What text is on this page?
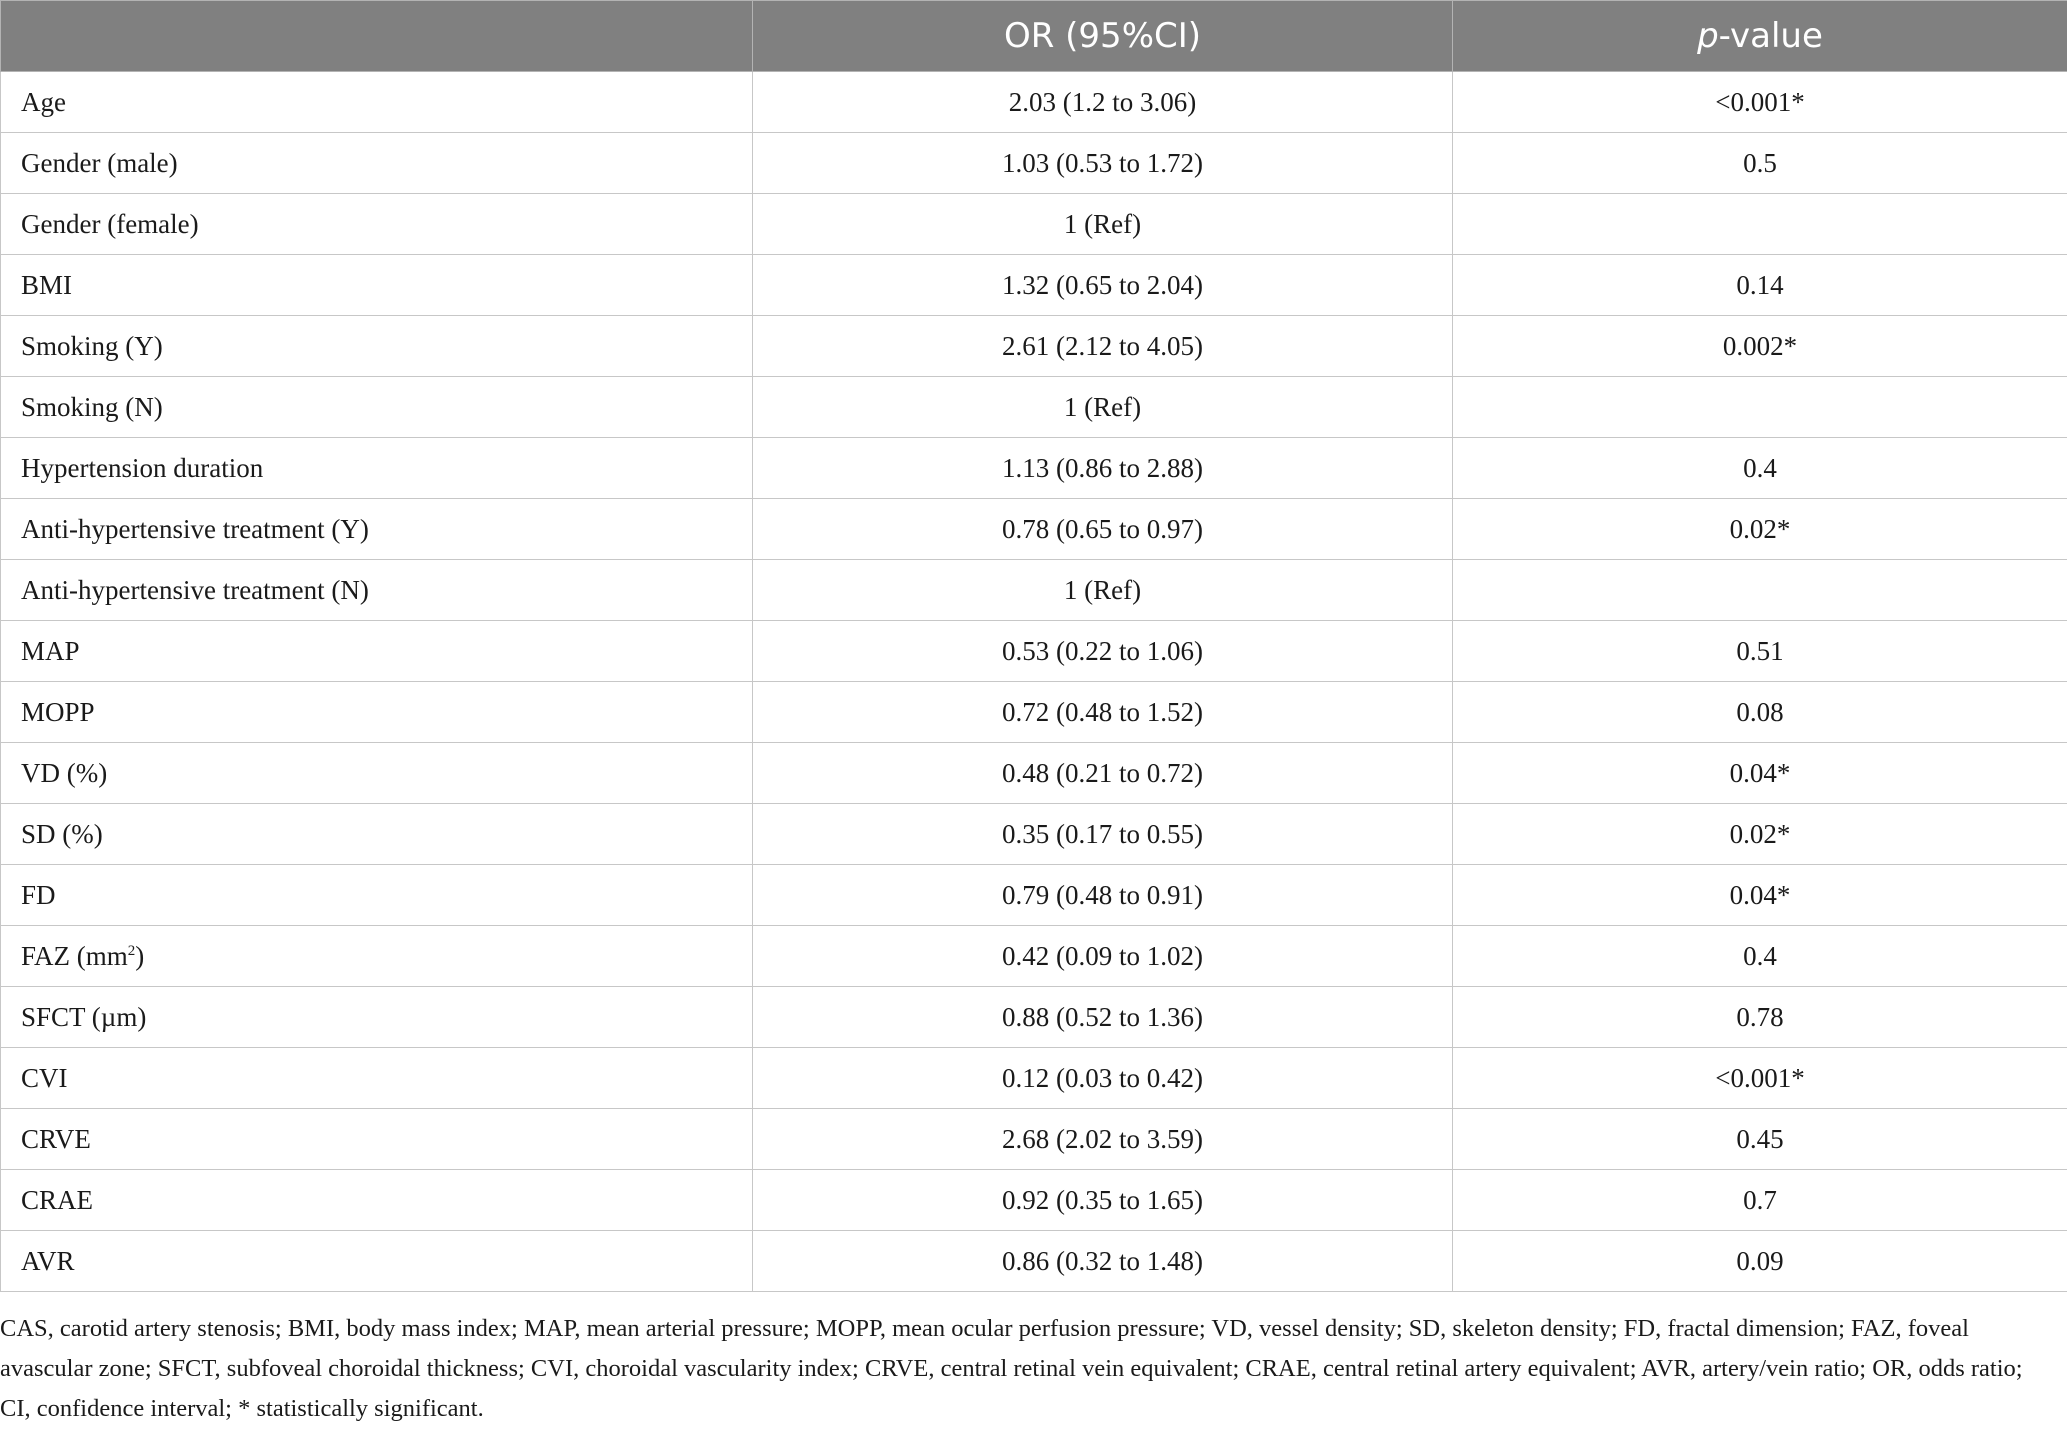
	OR (95%CI)	p-value
Age	2.03 (1.2 to 3.06)	<0.001*
Gender (male)	1.03 (0.53 to 1.72)	0.5
Gender (female)	1 (Ref)	
BMI	1.32 (0.65 to 2.04)	0.14
Smoking (Y)	2.61 (2.12 to 4.05)	0.002*
Smoking (N)	1 (Ref)	
Hypertension duration	1.13 (0.86 to 2.88)	0.4
Anti-hypertensive treatment (Y)	0.78 (0.65 to 0.97)	0.02*
Anti-hypertensive treatment (N)	1 (Ref)	
MAP	0.53 (0.22 to 1.06)	0.51
MOPP	0.72 (0.48 to 1.52)	0.08
VD (%)	0.48 (0.21 to 0.72)	0.04*
SD (%)	0.35 (0.17 to 0.55)	0.02*
FD	0.79 (0.48 to 0.91)	0.04*
FAZ $(mm^2)$	0.42 (0.09 to 1.02)	0.4
SFCT (µm)	0.88 (0.52 to 1.36)	0.78
CVI	0.12 (0.03 to 0.42)	<0.001*
CRVE	2.68 (2.02 to 3.59)	0.45
CRAE	0.92 (0.35 to 1.65)	0.7
AVR	0.86 (0.32 to 1.48)	0.09

CAS, carotid artery stenosis; BMI, body mass index; MAP, mean arterial pressure; MOPP, mean ocular perfusion pressure; VD, vessel density; SD, skeleton density; FD, fractal dimension; FAZ, foveal avascular zone; SFCT, subfoveal choroidal thickness; CVI, choroidal vascularity index; CRVE, central retinal vein equivalent; CRAE, central retinal artery equivalent; AVR, artery/vein ratio; OR, odds ratio; CI, confidence interval; * statistically significant.
